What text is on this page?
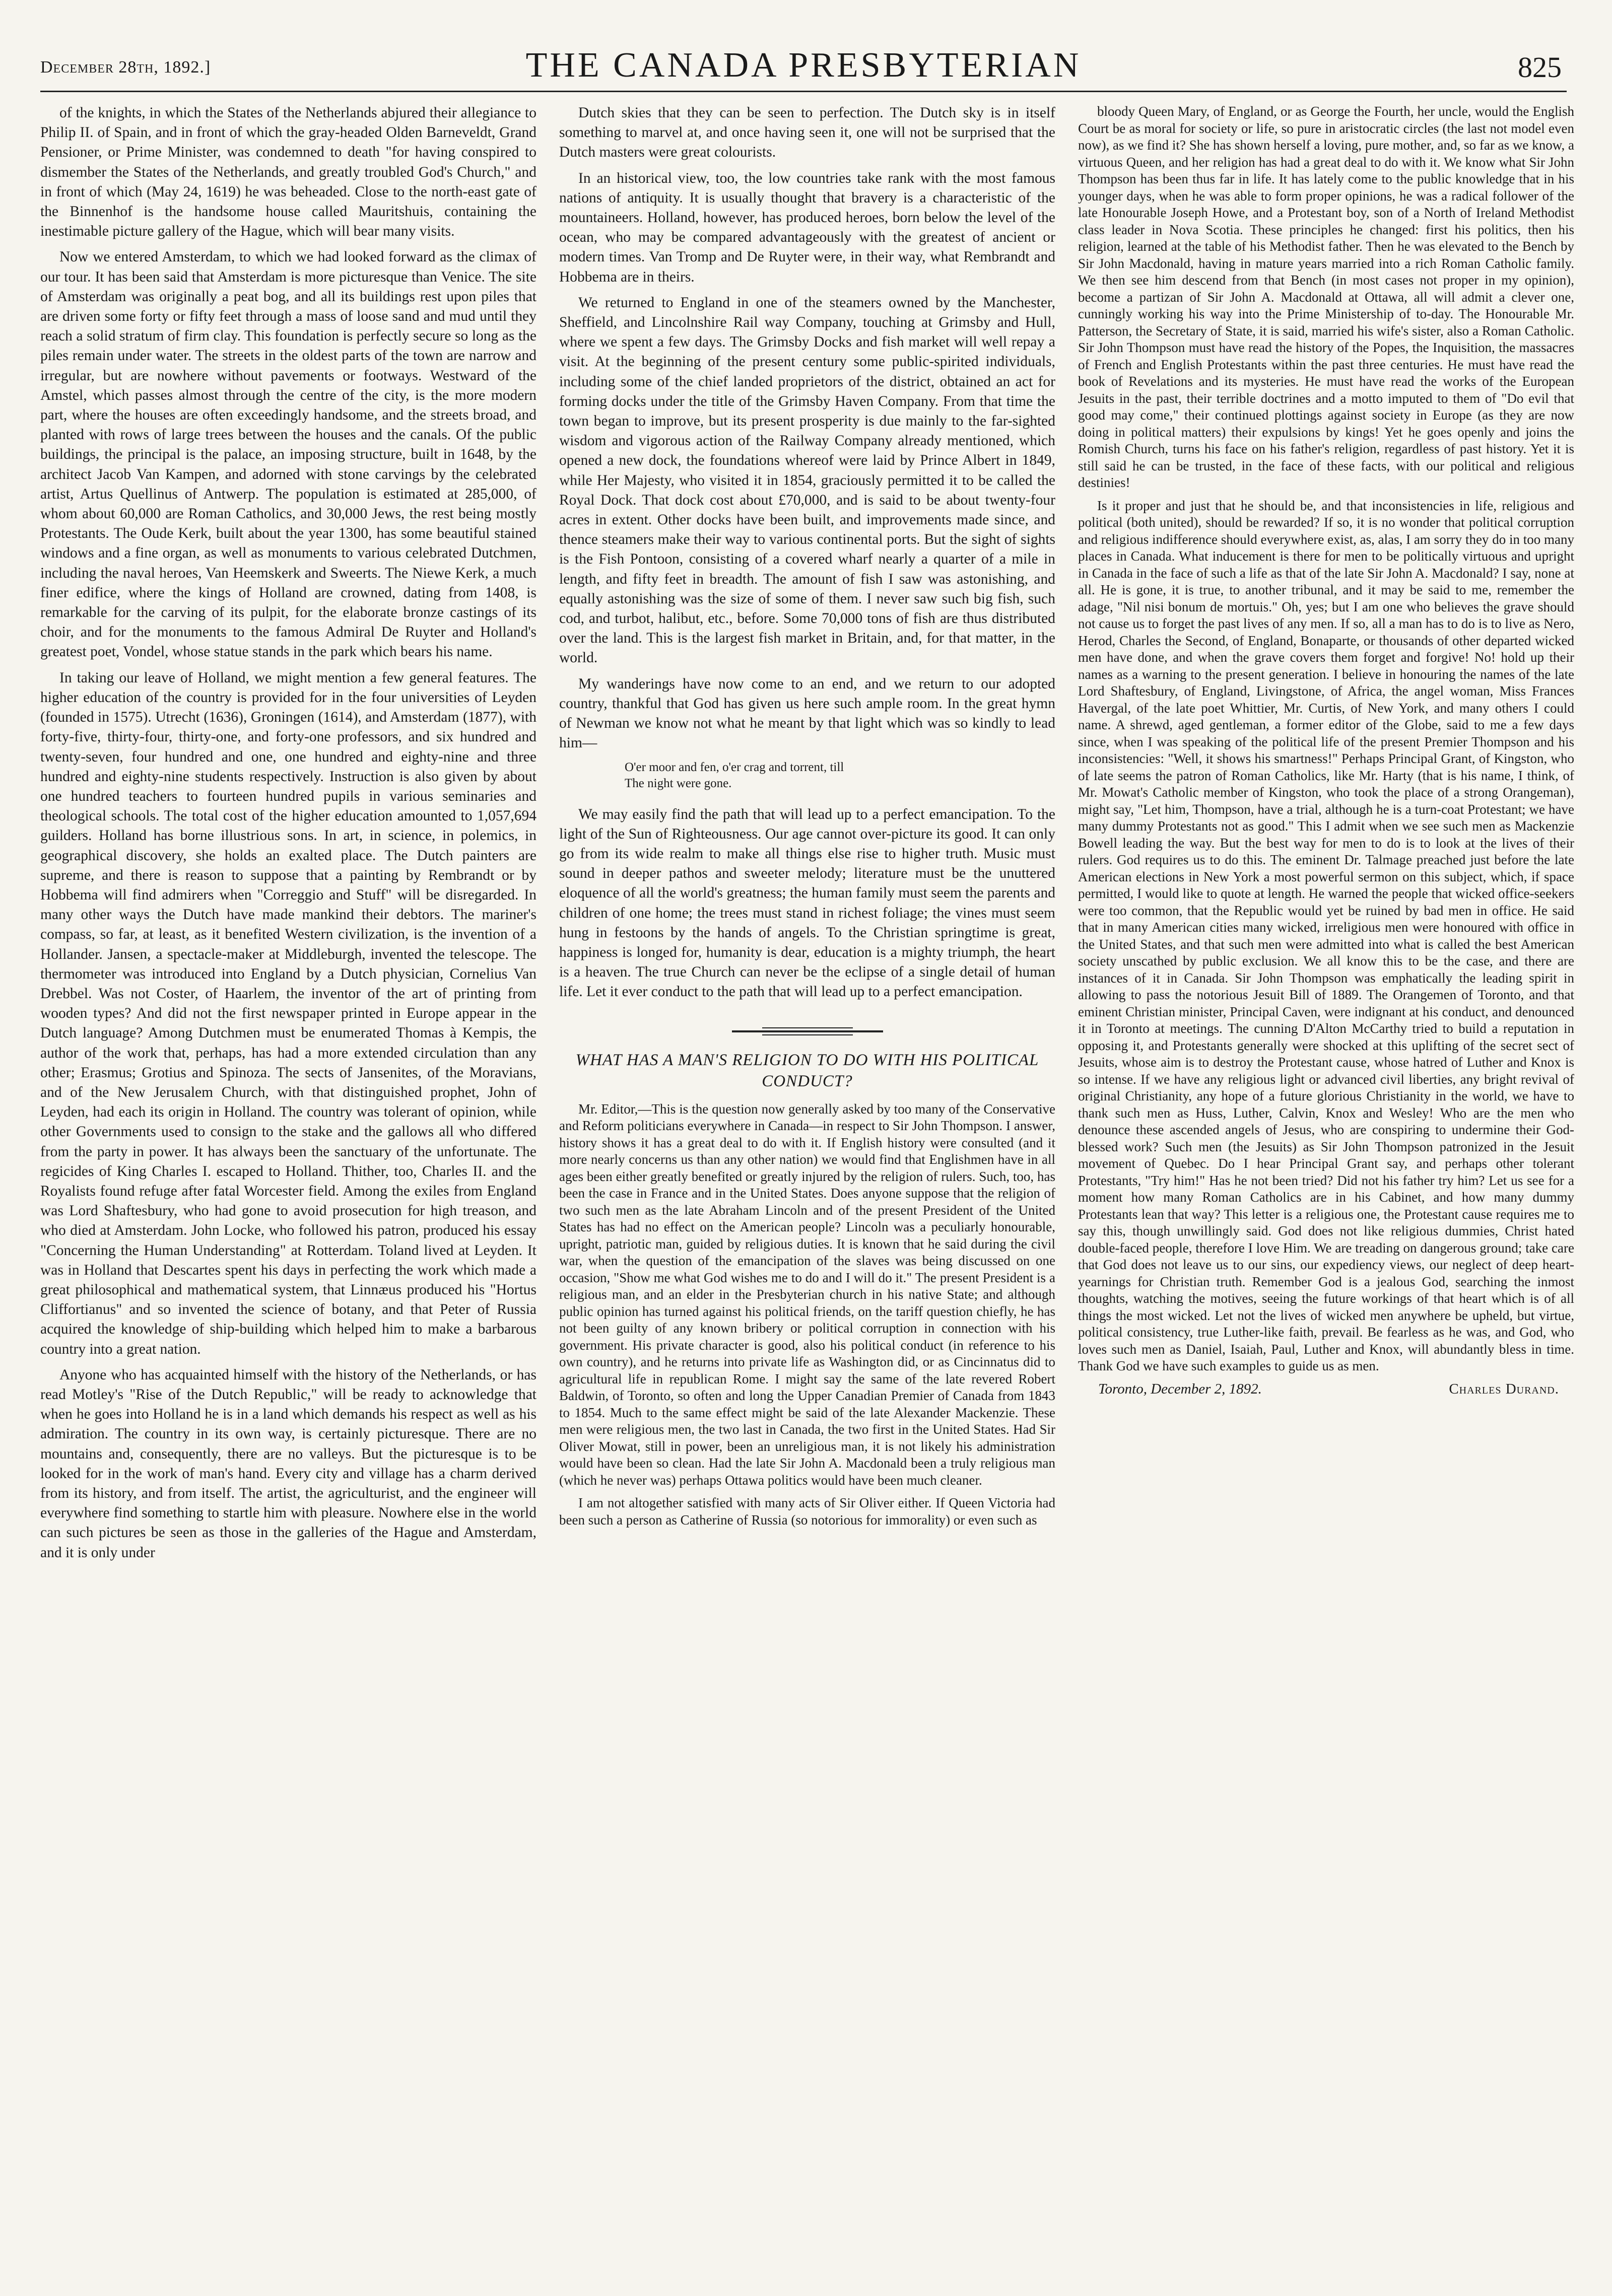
December 28th, 1892.]	THE CANADA PRESBYTERIAN	825

of the knights, in which the States of the Netherlands abjured their allegiance to Philip II. of Spain, and in front of which the gray-headed Olden Barneveldt, Grand Pensioner, or Prime Minister, was condemned to death "for having conspired to dismember the States of the Netherlands, and greatly troubled God's Church," and in front of which (May 24, 1619) he was beheaded. Close to the north-east gate of the Binnenhof is the handsome house called Mauritshuis, containing the inestimable picture gallery of the Hague, which will bear many visits.

Now we entered Amsterdam, to which we had looked forward as the climax of our tour. It has been said that Amsterdam is more picturesque than Venice. The site of Amsterdam was originally a peat bog, and all its buildings rest upon piles that are driven some forty or fifty feet through a mass of loose sand and mud until they reach a solid stratum of firm clay. This foundation is perfectly secure so long as the piles remain under water. The streets in the oldest parts of the town are narrow and irregular, but are nowhere without pavements or footways. Westward of the Amstel, which passes almost through the centre of the city, is the more modern part, where the houses are often exceedingly handsome, and the streets broad, and planted with rows of large trees between the houses and the canals. Of the public buildings, the principal is the palace, an imposing structure, built in 1648, by the architect Jacob Van Kampen, and adorned with stone carvings by the celebrated artist, Artus Quellinus of Antwerp. The population is estimated at 285,000, of whom about 60,000 are Roman Catholics, and 30,000 Jews, the rest being mostly Protestants. The Oude Kerk, built about the year 1300, has some beautiful stained windows and a fine organ, as well as monuments to various celebrated Dutchmen, including the naval heroes, Van Heemskerk and Sweerts. The Niewe Kerk, a much finer edifice, where the kings of Holland are crowned, dating from 1408, is remarkable for the carving of its pulpit, for the elaborate bronze castings of its choir, and for the monuments to the famous Admiral De Ruyter and Holland's greatest poet, Vondel, whose statue stands in the park which bears his name.

In taking our leave of Holland, we might mention a few general features. The higher education of the country is provided for in the four universities of Leyden (founded in 1575). Utrecht (1636), Groningen (1614), and Amsterdam (1877), with forty-five, thirty-four, thirty-one, and forty-one professors, and six hundred and twenty-seven, four hundred and one, one hundred and eighty-nine and three hundred and eighty-nine students respectively. Instruction is also given by about one hundred teachers to fourteen hundred pupils in various seminaries and theological schools. The total cost of the higher education amounted to 1,057,694 guilders. Holland has borne illustrious sons. In art, in science, in polemics, in geographical discovery, she holds an exalted place. The Dutch painters are supreme, and there is reason to suppose that a painting by Rembrandt or by Hobbema will find admirers when "Correggio and Stuff" will be disregarded. In many other ways the Dutch have made mankind their debtors. The mariner's compass, so far, at least, as it benefited Western civilization, is the invention of a Hollander. Jansen, a spectacle-maker at Middleburgh, invented the telescope. The thermometer was introduced into England by a Dutch physician, Cornelius Van Drebbel. Was not Coster, of Haarlem, the inventor of the art of printing from wooden types? And did not the first newspaper printed in Europe appear in the Dutch language? Among Dutchmen must be enumerated Thomas à Kempis, the author of the work that, perhaps, has had a more extended circulation than any other; Erasmus; Grotius and Spinoza. The sects of Jansenites, of the Moravians, and of the New Jerusalem Church, with that distinguished prophet, John of Leyden, had each its origin in Holland. The country was tolerant of opinion, while other Governments used to consign to the stake and the gallows all who differed from the party in power. It has always been the sanctuary of the unfortunate. The regicides of King Charles I. escaped to Holland. Thither, too, Charles II. and the Royalists found refuge after fatal Worcester field. Among the exiles from England was Lord Shaftesbury, who had gone to avoid prosecution for high treason, and who died at Amsterdam. John Locke, who followed his patron, produced his essay "Concerning the Human Understanding" at Rotterdam. Toland lived at Leyden. It was in Holland that Descartes spent his days in perfecting the work which made a great philosophical and mathematical system, that Linnæus produced his "Hortus Cliffortianus" and so invented the science of botany, and that Peter of Russia acquired the knowledge of ship-building which helped him to make a barbarous country into a great nation.

Anyone who has acquainted himself with the history of the Netherlands, or has read Motley's "Rise of the Dutch Republic," will be ready to acknowledge that when he goes into Holland he is in a land which demands his respect as well as his admiration. The country in its own way, is certainly picturesque. There are no mountains and, consequently, there are no valleys. But the picturesque is to be looked for in the work of man's hand. Every city and village has a charm derived from its history, and from itself. The artist, the agriculturist, and the engineer will everywhere find something to startle him with pleasure. Nowhere else in the world can such pictures be seen as those in the galleries of the Hague and Amsterdam, and it is only under

Dutch skies that they can be seen to perfection. The Dutch sky is in itself something to marvel at, and once having seen it, one will not be surprised that the Dutch masters were great colourists.

In an historical view, too, the low countries take rank with the most famous nations of antiquity. It is usually thought that bravery is a characteristic of the mountaineers. Holland, however, has produced heroes, born below the level of the ocean, who may be compared advantageously with the greatest of ancient or modern times. Van Tromp and De Ruyter were, in their way, what Rembrandt and Hobbema are in theirs.

We returned to England in one of the steamers owned by the Manchester, Sheffield, and Lincolnshire Rail way Company, touching at Grimsby and Hull, where we spent a few days. The Grimsby Docks and fish market will well repay a visit. At the beginning of the present century some public-spirited individuals, including some of the chief landed proprietors of the district, obtained an act for forming docks under the title of the Grimsby Haven Company. From that time the town began to improve, but its present prosperity is due mainly to the far-sighted wisdom and vigorous action of the Railway Company already mentioned, which opened a new dock, the foundations whereof were laid by Prince Albert in 1849, while Her Majesty, who visited it in 1854, graciously permitted it to be called the Royal Dock. That dock cost about £70,000, and is said to be about twenty-four acres in extent. Other docks have been built, and improvements made since, and thence steamers make their way to various continental ports. But the sight of sights is the Fish Pontoon, consisting of a covered wharf nearly a quarter of a mile in length, and fifty feet in breadth. The amount of fish I saw was astonishing, and equally astonishing was the size of some of them. I never saw such big fish, such cod, and turbot, halibut, etc., before. Some 70,000 tons of fish are thus distributed over the land. This is the largest fish market in Britain, and, for that matter, in the world.

My wanderings have now come to an end, and we return to our adopted country, thankful that God has given us here such ample room. In the great hymn of Newman we know not what he meant by that light which was so kindly to lead him—

O'er moor and fen, o'er crag and torrent, till
The night were gone.

We may easily find the path that will lead up to a perfect emancipation. To the light of the Sun of Righteousness. Our age cannot over-picture its good. It can only go from its wide realm to make all things else rise to higher truth. Music must sound in deeper pathos and sweeter melody; literature must be the unuttered eloquence of all the world's greatness; the human family must seem the parents and children of one home; the trees must stand in richest foliage; the vines must seem hung in festoons by the hands of angels. To the Christian springtime is great, happiness is longed for, humanity is dear, education is a mighty triumph, the heart is a heaven. The true Church can never be the eclipse of a single detail of human life. Let it ever conduct to the path that will lead up to a perfect emancipation.

WHAT HAS A MAN'S RELIGION TO DO WITH HIS POLITICAL CONDUCT?

Mr. Editor,—This is the question now generally asked by too many of the Conservative and Reform politicians everywhere in Canada—in respect to Sir John Thompson. I answer, history shows it has a great deal to do with it. If English history were consulted (and it more nearly concerns us than any other nation) we would find that Englishmen have in all ages been either greatly benefited or greatly injured by the religion of rulers. Such, too, has been the case in France and in the United States. Does anyone suppose that the religion of two such men as the late Abraham Lincoln and of the present President of the United States has had no effect on the American people? Lincoln was a peculiarly honourable, upright, patriotic man, guided by religious duties. It is known that he said during the civil war, when the question of the emancipation of the slaves was being discussed on one occasion, "Show me what God wishes me to do and I will do it." The present President is a religious man, and an elder in the Presbyterian church in his native State; and although public opinion has turned against his political friends, on the tariff question chiefly, he has not been guilty of any known bribery or political corruption in connection with his government. His private character is good, also his political conduct (in reference to his own country), and he returns into private life as Washington did, or as Cincinnatus did to agricultural life in republican Rome. I might say the same of the late revered Robert Baldwin, of Toronto, so often and long the Upper Canadian Premier of Canada from 1843 to 1854. Much to the same effect might be said of the late Alexander Mackenzie. These men were religious men, the two last in Canada, the two first in the United States. Had Sir Oliver Mowat, still in power, been an unreligious man, it is not likely his administration would have been so clean. Had the late Sir John A. Macdonald been a truly religious man (which he never was) perhaps Ottawa politics would have been much cleaner.

I am not altogether satisfied with many acts of Sir Oliver either. If Queen Victoria had been such a person as Catherine of Russia (so notorious for immorality) or even such as

bloody Queen Mary, of England, or as George the Fourth, her uncle, would the English Court be as moral for society or life, so pure in aristocratic circles (the last not model even now), as we find it? She has shown herself a loving, pure mother, and, so far as we know, a virtuous Queen, and her religion has had a great deal to do with it. We know what Sir John Thompson has been thus far in life. It has lately come to the public knowledge that in his younger days, when he was able to form proper opinions, he was a radical follower of the late Honourable Joseph Howe, and a Protestant boy, son of a North of Ireland Methodist class leader in Nova Scotia. These principles he changed: first his politics, then his religion, learned at the table of his Methodist father. Then he was elevated to the Bench by Sir John Macdonald, having in mature years married into a rich Roman Catholic family. We then see him descend from that Bench (in most cases not proper in my opinion), become a partizan of Sir John A. Macdonald at Ottawa, all will admit a clever one, cunningly working his way into the Prime Ministership of to-day. The Honourable Mr. Patterson, the Secretary of State, it is said, married his wife's sister, also a Roman Catholic. Sir John Thompson must have read the history of the Popes, the Inquisition, the massacres of French and English Protestants within the past three centuries. He must have read the book of Revelations and its mysteries. He must have read the works of the European Jesuits in the past, their terrible doctrines and a motto imputed to them of "Do evil that good may come," their continued plottings against society in Europe (as they are now doing in political matters) their expulsions by kings! Yet he goes openly and joins the Romish Church, turns his face on his father's religion, regardless of past history. Yet it is still said he can be trusted, in the face of these facts, with our political and religious destinies!

Is it proper and just that he should be, and that inconsistencies in life, religious and political (both united), should be rewarded? If so, it is no wonder that political corruption and religious indifference should everywhere exist, as, alas, I am sorry they do in too many places in Canada. What inducement is there for men to be politically virtuous and upright in Canada in the face of such a life as that of the late Sir John A. Macdonald? I say, none at all. He is gone, it is true, to another tribunal, and it may be said to me, remember the adage, "Nil nisi bonum de mortuis." Oh, yes; but I am one who believes the grave should not cause us to forget the past lives of any men. If so, all a man has to do is to live as Nero, Herod, Charles the Second, of England, Bonaparte, or thousands of other departed wicked men have done, and when the grave covers them forget and forgive! No! hold up their names as a warning to the present generation. I believe in honouring the names of the late Lord Shaftesbury, of England, Livingstone, of Africa, the angel woman, Miss Frances Havergal, of the late poet Whittier, Mr. Curtis, of New York, and many others I could name. A shrewd, aged gentleman, a former editor of the Globe, said to me a few days since, when I was speaking of the political life of the present Premier Thompson and his inconsistencies: "Well, it shows his smartness!" Perhaps Principal Grant, of Kingston, who of late seems the patron of Roman Catholics, like Mr. Harty (that is his name, I think, of Mr. Mowat's Catholic member of Kingston, who took the place of a strong Orangeman), might say, "Let him, Thompson, have a trial, although he is a turn-coat Protestant; we have many dummy Protestants not as good." This I admit when we see such men as Mackenzie Bowell leading the way. But the best way for men to do is to look at the lives of their rulers. God requires us to do this. The eminent Dr. Talmage preached just before the late American elections in New York a most powerful sermon on this subject, which, if space permitted, I would like to quote at length. He warned the people that wicked office-seekers were too common, that the Republic would yet be ruined by bad men in office. He said that in many American cities many wicked, irreligious men were honoured with office in the United States, and that such men were admitted into what is called the best American society unscathed by public exclusion. We all know this to be the case, and there are instances of it in Canada. Sir John Thompson was emphatically the leading spirit in allowing to pass the notorious Jesuit Bill of 1889. The Orangemen of Toronto, and that eminent Christian minister, Principal Caven, were indignant at his conduct, and denounced it in Toronto at meetings. The cunning D'Alton McCarthy tried to build a reputation in opposing it, and Protestants generally were shocked at this uplifting of the secret sect of Jesuits, whose aim is to destroy the Protestant cause, whose hatred of Luther and Knox is so intense. If we have any religious light or advanced civil liberties, any bright revival of original Christianity, any hope of a future glorious Christianity in the world, we have to thank such men as Huss, Luther, Calvin, Knox and Wesley! Who are the men who denounce these ascended angels of Jesus, who are conspiring to undermine their God-blessed work? Such men (the Jesuits) as Sir John Thompson patronized in the Jesuit movement of Quebec. Do I hear Principal Grant say, and perhaps other tolerant Protestants, "Try him!" Has he not been tried? Did not his father try him? Let us see for a moment how many Roman Catholics are in his Cabinet, and how many dummy Protestants lean that way? This letter is a religious one, the Protestant cause requires me to say this, though unwillingly said. God does not like religious dummies, Christ hated double-faced people, therefore I love Him. We are treading on dangerous ground; take care that God does not leave us to our sins, our expediency views, our neglect of deep heart-yearnings for Christian truth. Remember God is a jealous God, searching the inmost thoughts, watching the motives, seeing the future workings of that heart which is of all things the most wicked. Let not the lives of wicked men anywhere be upheld, but virtue, political consistency, true Luther-like faith, prevail. Be fearless as he was, and God, who loves such men as Daniel, Isaiah, Paul, Luther and Knox, will abundantly bless in time. Thank God we have such examples to guide us as men.

Toronto, December 2, 1892.	Charles Durand.
